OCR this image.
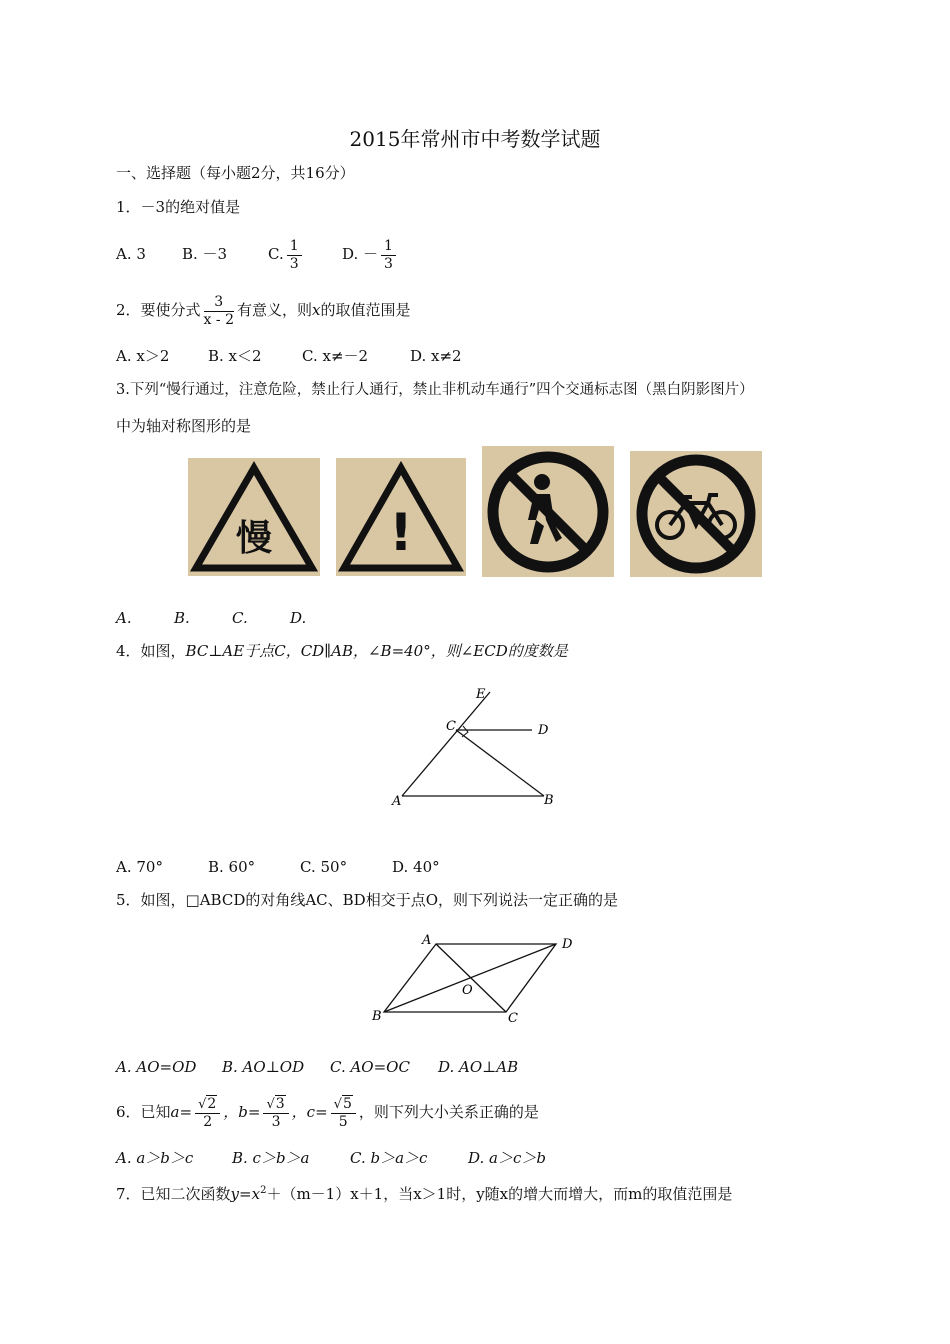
2015年常州市中考数学试题
一、选择题（每小题2分，共16分）
1．－3的绝对值是
A. 3 B. －3	C. $\frac{1}{3}$	D. － $\frac{1}{3}$
2．要使分式 $\frac{3}{x - 2}$ 有意义，则x的取值范围是
A. x＞2	B. x＜2	C. x≠－2	D. x≠2
3.下列“慢行通过，注意危险，禁止行人通行，禁止非机动车通行”四个交通标志图（黑白阴影图片）
中为轴对称图形的是
慢 !
A.	B.	C.	D.
4．如图，BC⊥AE于点C，CD∥AB，∠B=40°，则∠ECD的度数是
E
C	D
A	B
A. 70°	B. 60°	C. 50°	D. 40°
5．如图，□ABCD的对角线AC、BD相交于点O，则下列说法一定正确的是
A	D
O
B	C
A. AO=OD B. AO⊥OD C. AO=OC D. AO⊥AB
6．已知$a= \frac{√2}{2}$ ，$b= \frac{√3}{3}$ ，$c= \frac{√5}{5}$ ，则下列大小关系正确的是
A. a＞b＞c	B. c＞b＞a	C. b＞a＞c	D. a＞c＞b
7．已知二次函数$y=x^2+(m-1)x+1$，当x＞1时，y随x的增大而增大，而m的取值范围是
